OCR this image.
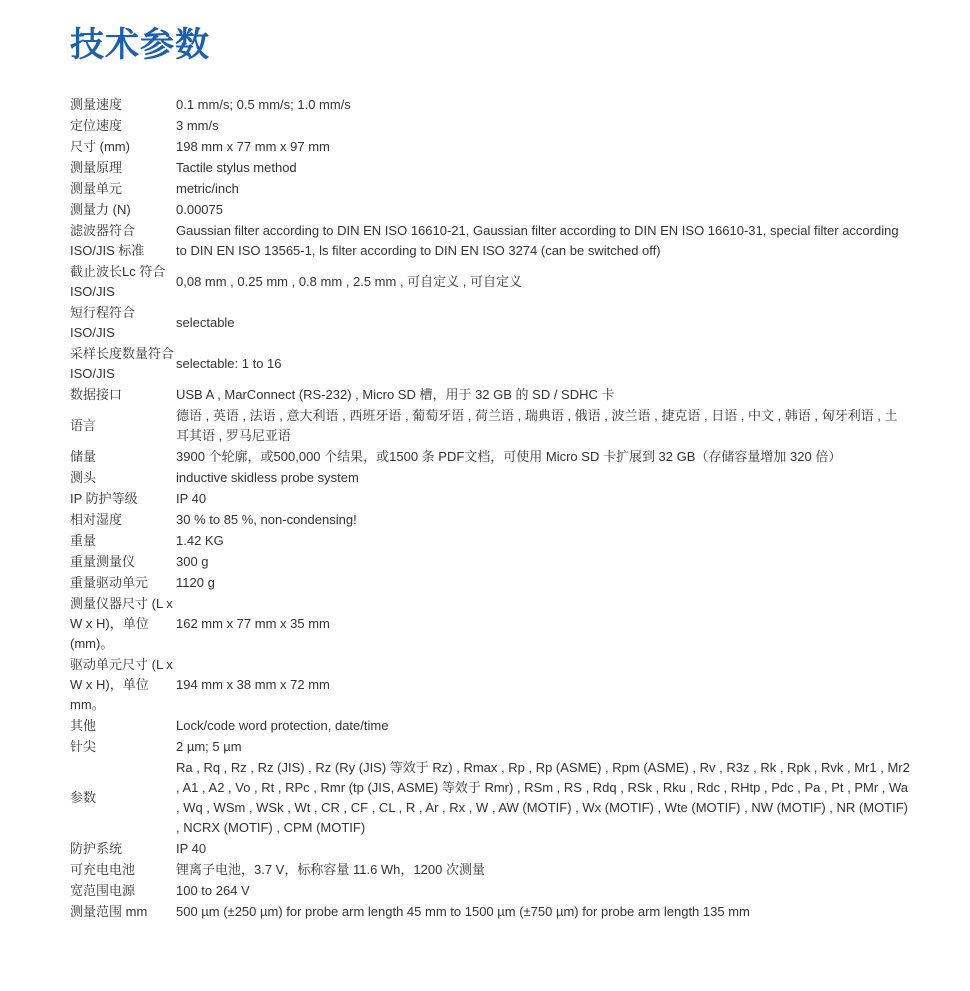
技术参数
测量速度	0.1 mm/s; 0.5 mm/s; 1.0 mm/s
定位速度	3 mm/s
尺寸 (mm)	198 mm x 77 mm x 97 mm
测量原理	Tactile stylus method
测量单元	metric/inch
测量力 (N)	0.00075
滤波器符合ISO/JIS 标准	Gaussian filter according to DIN EN ISO 16610-21, Gaussian filter according to DIN EN ISO 16610-31, special filter according to DIN EN ISO 13565-1, ls filter according to DIN EN ISO 3274 (can be switched off)
截止波长Lc 符合ISO/JIS	0,08 mm , 0.25 mm , 0.8 mm , 2.5 mm , 可自定义 , 可自定义
短行程符合ISO/JIS	selectable
采样长度数量符合 ISO/JIS	selectable: 1 to 16
数据接口	USB A , MarConnect (RS-232) , Micro SD 槽，用于 32 GB 的 SD / SDHC 卡
语言	德语 , 英语 , 法语 , 意大利语 , 西班牙语 , 葡萄牙语 , 荷兰语 , 瑞典语 , 俄语 , 波兰语 , 捷克语 , 日语 , 中文 , 韩语 , 匈牙利语 , 土耳其语 , 罗马尼亚语
储量	3900 个轮廓，或500,000 个结果，或1500 条 PDF文档，可使用 Micro SD 卡扩展到 32 GB（存储容量增加 320 倍）
测头	inductive skidless probe system
IP 防护等级	IP 40
相对湿度	30 % to 85 %, non-condensing!
重量	1.42 KG
重量测量仪	300 g
重量驱动单元	1120 g
测量仪器尺寸 (L x W x H)，单位 (mm)。	162 mm x 77 mm x 35 mm
驱动单元尺寸 (L x W x H)，单位 mm。	194 mm x 38 mm x 72 mm
其他	Lock/code word protection, date/time
针尖	2 µm; 5 µm
参数	Ra , Rq , Rz , Rz (JIS) , Rz (Ry (JIS) 等效于 Rz) , Rmax , Rp , Rp (ASME) , Rpm (ASME) , Rv , R3z , Rk , Rpk , Rvk , Mr1 , Mr2 , A1 , A2 , Vo , Rt , RPc , Rmr (tp (JIS, ASME) 等效于 Rmr) , RSm , RS , Rdq , RSk , Rku , Rdc , RHtp , Pdc , Pa , Pt , PMr , Wa , Wq , WSm , WSk , Wt , CR , CF , CL , R , Ar , Rx , W , AW (MOTIF) , Wx (MOTIF) , Wte (MOTIF) , NW (MOTIF) , NR (MOTIF) , NCRX (MOTIF) , CPM (MOTIF)
防护系统	IP 40
可充电电池	锂离子电池，3.7 V，标称容量 11.6 Wh，1200 次测量
宽范围电源	100 to 264 V
测量范围 mm	500 µm (±250 µm) for probe arm length 45 mm to 1500 µm (±750 µm) for probe arm length 135 mm
